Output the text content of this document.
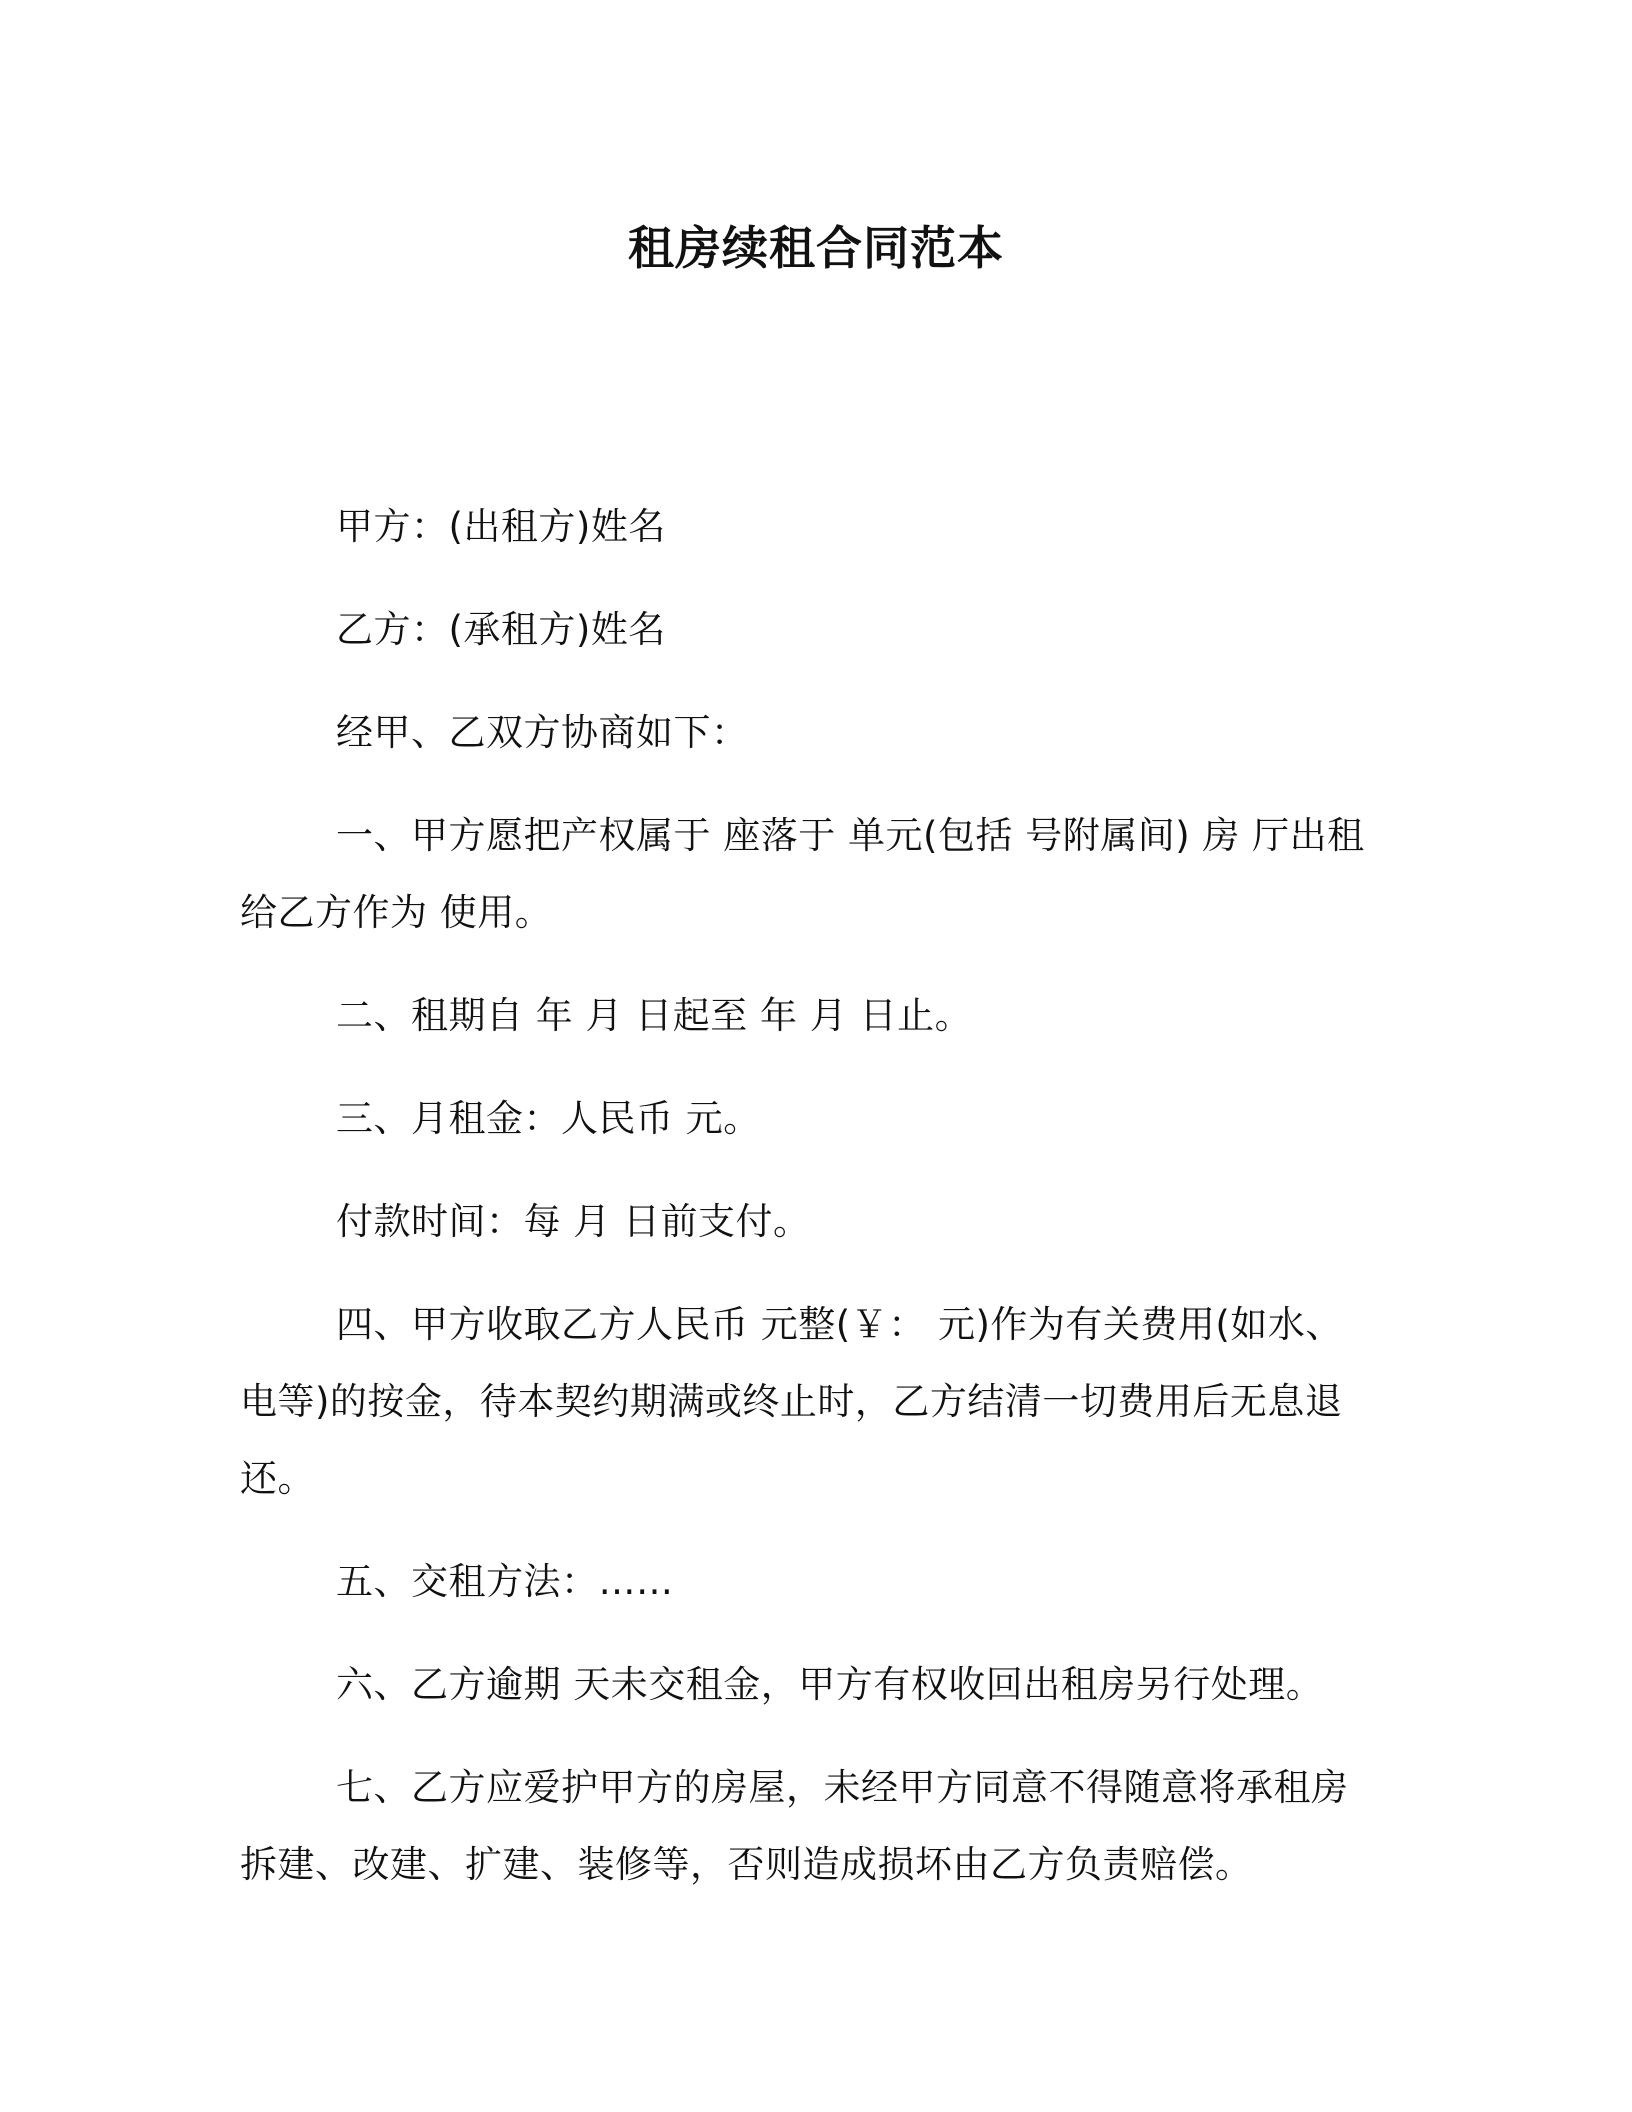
租房续租合同范本

甲方：(出租方)姓名

乙方：(承租方)姓名

经甲、乙双方协商如下：

一、甲方愿把产权属于 座落于 单元(包括 号附属间) 房 厅出租给乙方作为 使用。

二、租期自 年 月 日起至 年 月 日止。

三、月租金：人民币 元。

付款时间：每 月 日前支付。

四、甲方收取乙方人民币 元整(￥： 元)作为有关费用(如水、电等)的按金，待本契约期满或终止时，乙方结清一切费用后无息退还。

五、交租方法：……

六、乙方逾期 天未交租金，甲方有权收回出租房另行处理。

七、乙方应爱护甲方的房屋，未经甲方同意不得随意将承租房拆建、改建、扩建、装修等，否则造成损坏由乙方负责赔偿。
